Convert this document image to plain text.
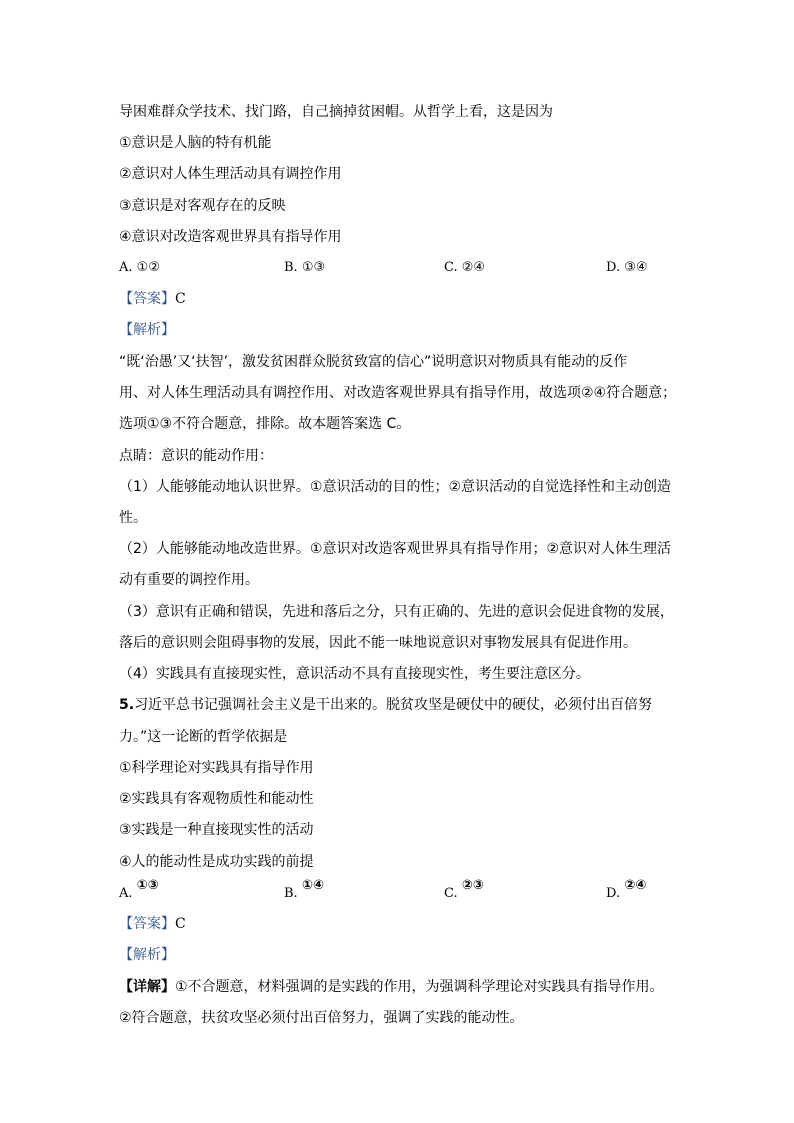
导困难群众学技术、找门路，自己摘掉贫困帽。从哲学上看，这是因为
①意识是人脑的特有机能
②意识对人体生理活动具有调控作用
③意识是对客观存在的反映
④意识对改造客观世界具有指导作用
A. ①②	B. ①③	C. ②④	D. ③④
【答案】C
【解析】
“既‘治愚’又‘扶智’，激发贫困群众脱贫致富的信心”说明意识对物质具有能动的反作
用、对人体生理活动具有调控作用、对改造客观世界具有指导作用，故选项②④符合题意；
选项①③不符合题意，排除。故本题答案选 C。
点睛：意识的能动作用：
（1）人能够能动地认识世界。①意识活动的目的性；②意识活动的自觉选择性和主动创造
性。
（2）人能够能动地改造世界。①意识对改造客观世界具有指导作用；②意识对人体生理活
动有重要的调控作用。
（3）意识有正确和错误，先进和落后之分，只有正确的、先进的意识会促进食物的发展，
落后的意识则会阻碍事物的发展，因此不能一味地说意识对事物发展具有促进作用。
（4）实践具有直接现实性，意识活动不具有直接现实性，考生要注意区分。
5.习近平总书记强调社会主义是干出来的。脱贫攻坚是硬仗中的硬仗，必须付出百倍努
力。”这一论断的哲学依据是
①科学理论对实践具有指导作用
②实践具有客观物质性和能动性
③实践是一种直接现实性的活动
④人的能动性是成功实践的前提
A. ①③
B. ①④
C. ②③
D. ②④
【答案】C
【解析】
【详解】①不合题意，材料强调的是实践的作用，为强调科学理论对实践具有指导作用。
②符合题意，扶贫攻坚必须付出百倍努力，强调了实践的能动性。
